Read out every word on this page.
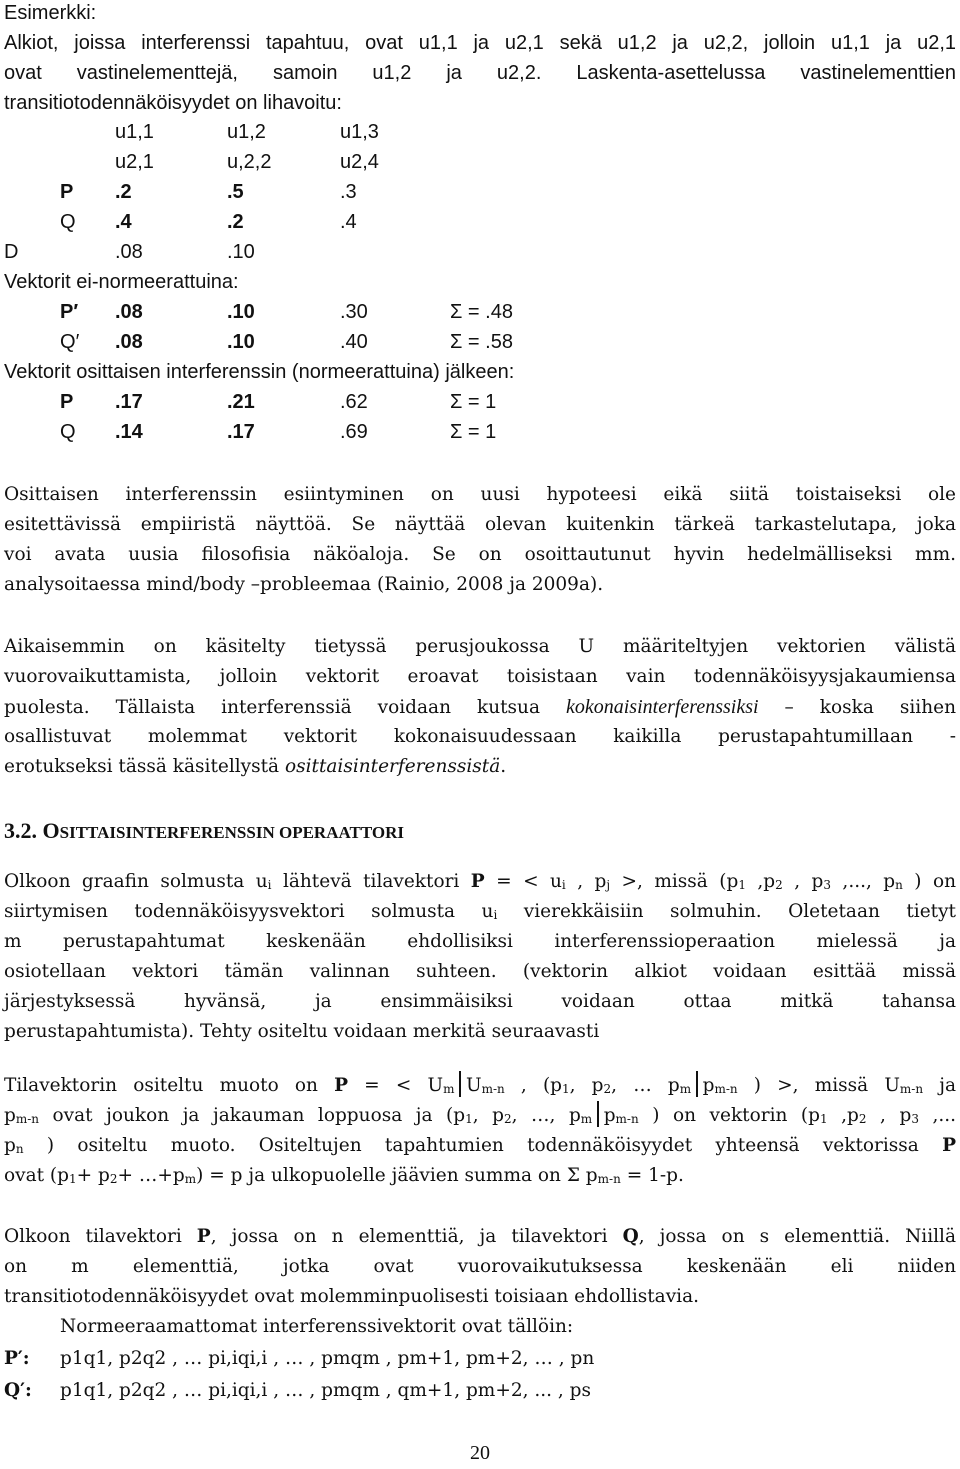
Esimerkki:
Alkiot, joissa interferenssi tapahtuu, ovat u1,1 ja u2,1 sekä u1,2 ja u2,2, jolloin u1,1 ja u2,1
ovat vastinelementtejä, samoin u1,2 ja u2,2. Laskenta-asettelussa vastinelementtien
transitiotodennäköisyydet on lihavoitu:
u1,1	u1,2	u1,3
u2,1	u,2,2	u2,4
P .2	.5	.3
Q .4	.2	.4
D	.08	.10
Vektorit ei-normeerattuina:
P′ .08	.10	.30	Σ = .48
Q′ .08	.10	.40	Σ = .58
Vektorit osittaisen interferenssin (normeerattuina) jälkeen:
P .17	.21	.62	Σ = 1
Q .14	.17	.69	Σ = 1
Osittaisen interferenssin esiintyminen on uusi hypoteesi eikä siitä toistaiseksi ole
esitettävissä empiiristä näyttöä. Se näyttää olevan kuitenkin tärkeä tarkastelutapa, joka
voi avata uusia filosofisia näköaloja. Se on osoittautunut hyvin hedelmälliseksi mm.
analysoitaessa mind/body –probleemaa (Rainio, 2008 ja 2009a).
Aikaisemmin on käsitelty tietyssä perusjoukossa U määriteltyjen vektorien välistä
vuorovaikuttamista, jolloin vektorit eroavat toisistaan vain todennäköisyysjakaumiensa
puolesta. Tällaista interferenssiä voidaan kutsua kokonaisinterferenssiksi – koska siihen
osallistuvat molemmat vektorit kokonaisuudessaan kaikilla perustapahtumillaan -
erotukseksi tässä käsitellystä osittaisinterferenssistä.
3.2. OSITTAISINTERFERENSSIN OPERAATTORI
Olkoon graafin solmusta ui lähtevä tilavektori P = < ui , pj >, missä (p1 ,p2 , p3 ,..., pn ) on
siirtymisen todennäköisyysvektori solmusta ui vierekkäisiin solmuhin. Oletetaan tietyt
m perustapahtumat keskenään ehdollisiksi interferenssioperaation mielessä ja
osiotellaan vektori tämän valinnan suhteen. (vektorin alkiot voidaan esittää missä
järjestyksessä hyvänsä, ja ensimmäisiksi voidaan ottaa mitkä tahansa
perustapahtumista). Tehty ositeltu voidaan merkitä seuraavasti
Tilavektorin ositeltu muoto on P = < Um Um-n , (p1, p2, … pm pm-n ) >, missä Um-n ja
pm-n ovat joukon ja jakauman loppuosa ja (p1, p2, …, pm pm-n ) on vektorin (p1 ,p2 , p3 ,...
pn ) ositeltu muoto. Ositeltujen tapahtumien todennäköisyydet yhteensä vektorissa P
ovat (p1+ p2+ …+pm) = p ja ulkopuolelle jäävien summa on Σ pm-n = 1-p.
Olkoon tilavektori P, jossa on n elementtiä, ja tilavektori Q, jossa on s elementtiä. Niillä
on m elementtiä, jotka ovat vuorovaikutuksessa keskenään eli niiden
transitiotodennäköisyydet ovat molemminpuolisesti toisiaan ehdollistavia.
Normeeraamattomat interferenssivektorit ovat tällöin:
P′: p1q1, p2q2 , … pi,iqi,i , … , pmqm , pm+1, pm+2, … , pn
Q′: p1q1, p2q2 , … pi,iqi,i , … , pmqm , qm+1, pm+2, ... , ps
20
